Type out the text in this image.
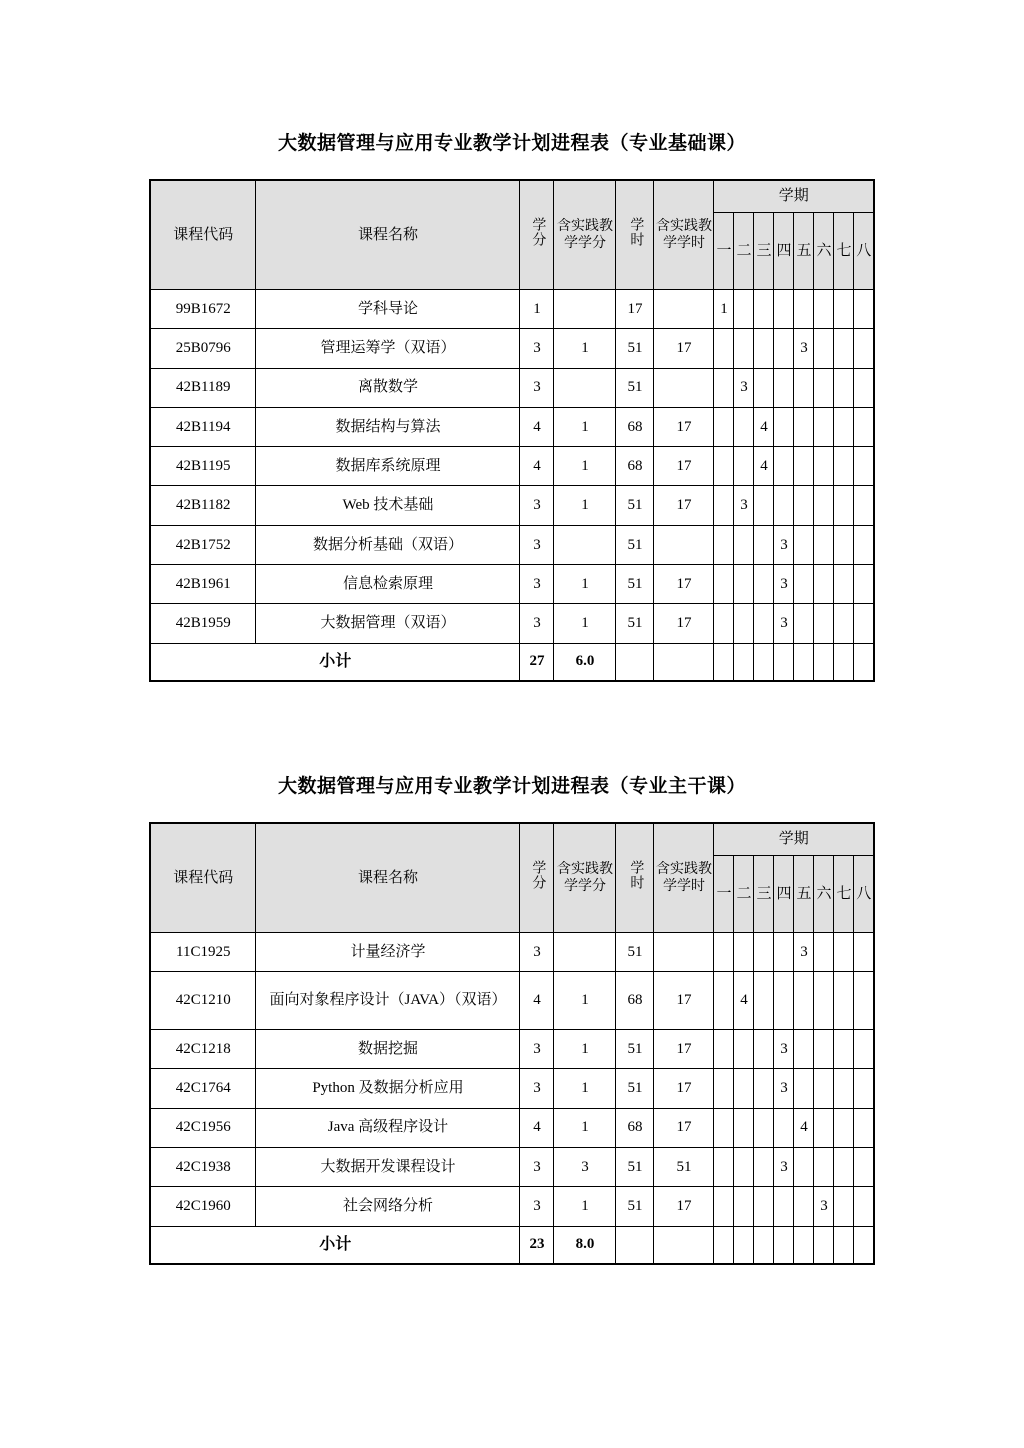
大数据管理与应用专业教学计划进程表（专业基础课）
课程代码	课程名称	学分	含实践教学学分	学时	含实践教学学时	学期							
						一	二	三	四	五	六	七	八
99B1672	学科导论	1		17		1							
25B0796	管理运筹学（双语）	3	1	51	17					3			
42B1189	离散数学	3		51			3						
42B1194	数据结构与算法	4	1	68	17			4					
42B1195	数据库系统原理	4	1	68	17			4					
42B1182	Web 技术基础	3	1	51	17		3						
42B1752	数据分析基础（双语）	3		51					3				
42B1961	信息检索原理	3	1	51	17				3				
42B1959	大数据管理（双语）	3	1	51	17				3				
小计		27	6.0										
大数据管理与应用专业教学计划进程表（专业主干课）
课程代码	课程名称	学分	含实践教学学分	学时	含实践教学学时	学期							
						一	二	三	四	五	六	七	八
11C1925	计量经济学	3		51						3			
42C1210	面向对象程序设计（JAVA）（双语）	4	1	68	17		4						
42C1218	数据挖掘	3	1	51	17				3				
42C1764	Python 及数据分析应用	3	1	51	17				3				
42C1956	Java 高级程序设计	4	1	68	17					4			
42C1938	大数据开发课程设计	3	3	51	51				3				
42C1960	社会网络分析	3	1	51	17						3		
小计		23	8.0										
